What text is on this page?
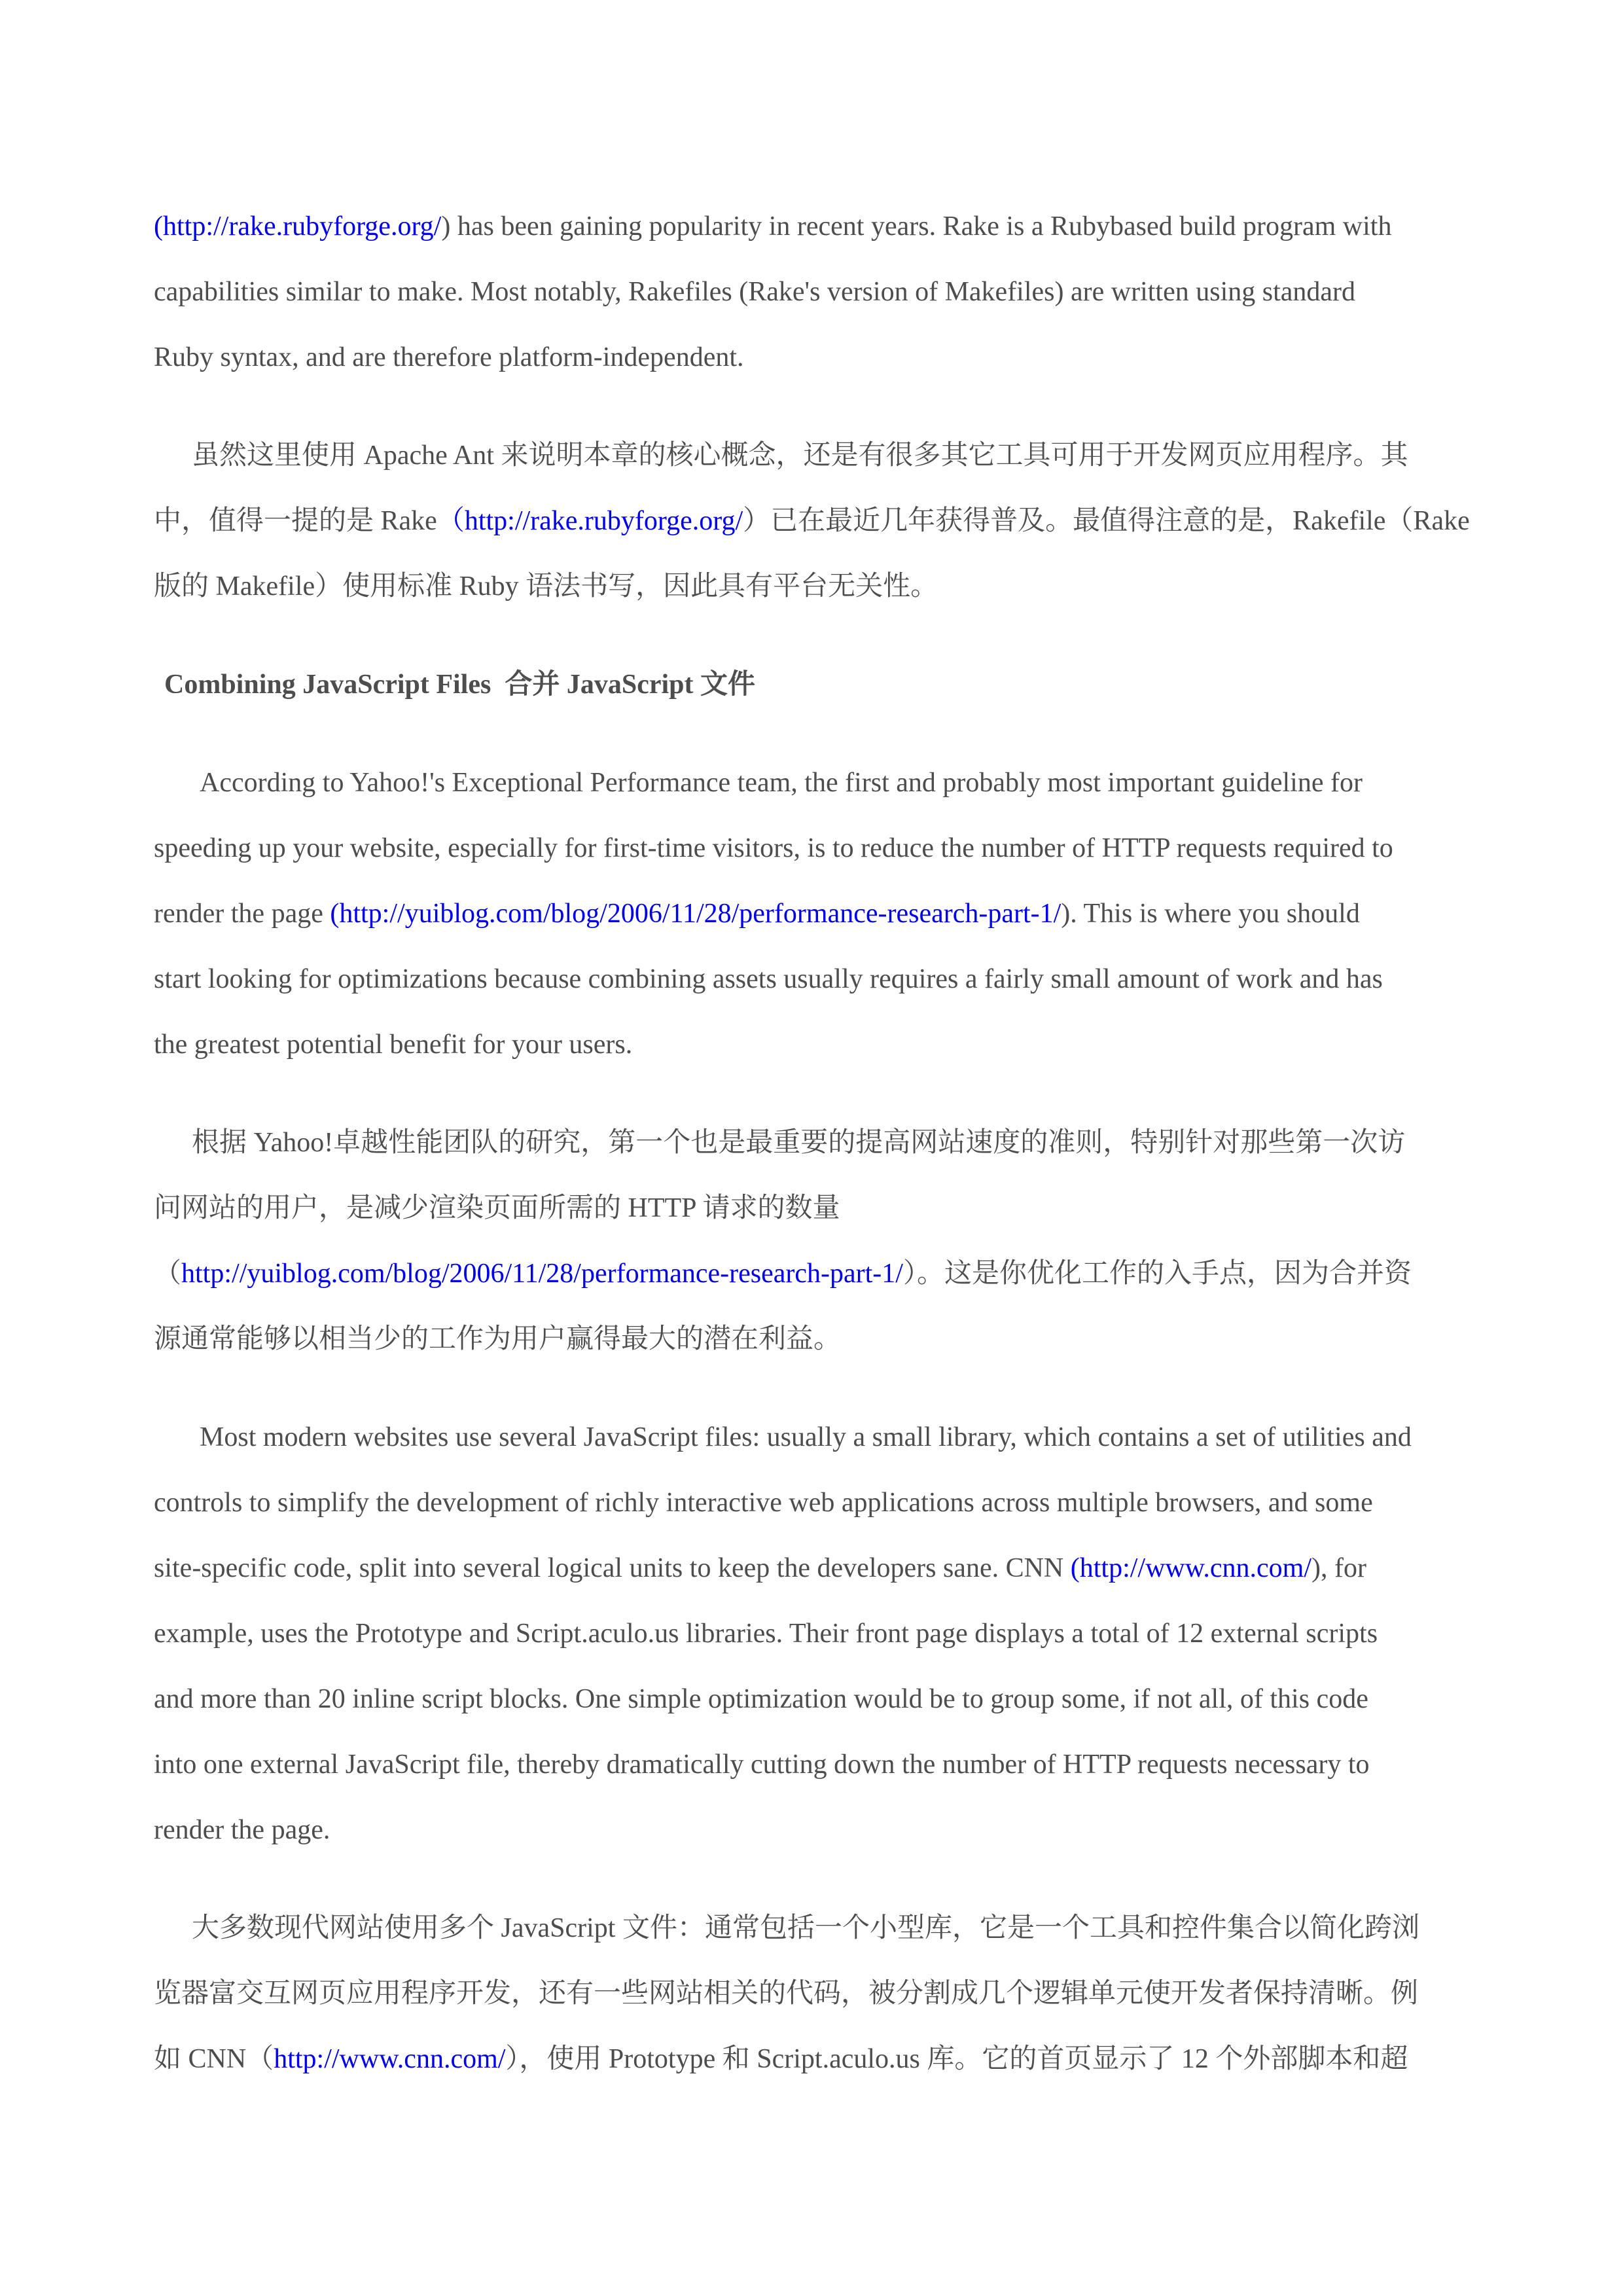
(http://rake.rubyforge.org/) has been gaining popularity in recent years. Rake is a Rubybased build program with
capabilities similar to make. Most notably, Rakefiles (Rake's version of Makefiles) are written using standard
Ruby syntax, and are therefore platform-independent.
虽然这里使用 Apache Ant 来说明本章的核心概念，还是有很多其它工具可用于开发网页应用程序。其
中，值得一提的是 Rake（http://rake.rubyforge.org/）已在最近几年获得普及。最值得注意的是，Rakefile（Rake
版的 Makefile）使用标准 Ruby 语法书写，因此具有平台无关性。
Combining JavaScript Files  合并 JavaScript 文件
According to Yahoo!'s Exceptional Performance team, the first and probably most important guideline for
speeding up your website, especially for first-time visitors, is to reduce the number of HTTP requests required to
render the page (http://yuiblog.com/blog/2006/11/28/performance-research-part-1/). This is where you should
start looking for optimizations because combining assets usually requires a fairly small amount of work and has
the greatest potential benefit for your users.
根据 Yahoo!卓越性能团队的研究，第一个也是最重要的提高网站速度的准则，特别针对那些第一次访
问网站的用户，是减少渲染页面所需的 HTTP 请求的数量
（http://yuiblog.com/blog/2006/11/28/performance-research-part-1/）。这是你优化工作的入手点，因为合并资
源通常能够以相当少的工作为用户赢得最大的潜在利益。
Most modern websites use several JavaScript files: usually a small library, which contains a set of utilities and
controls to simplify the development of richly interactive web applications across multiple browsers, and some
site-specific code, split into several logical units to keep the developers sane. CNN (http://www.cnn.com/), for
example, uses the Prototype and Script.aculo.us libraries. Their front page displays a total of 12 external scripts
and more than 20 inline script blocks. One simple optimization would be to group some, if not all, of this code
into one external JavaScript file, thereby dramatically cutting down the number of HTTP requests necessary to
render the page.
大多数现代网站使用多个 JavaScript 文件：通常包括一个小型库，它是一个工具和控件集合以简化跨浏
览器富交互网页应用程序开发，还有一些网站相关的代码，被分割成几个逻辑单元使开发者保持清晰。例
如 CNN（http://www.cnn.com/），使用 Prototype 和 Script.aculo.us 库。它的首页显示了 12 个外部脚本和超
